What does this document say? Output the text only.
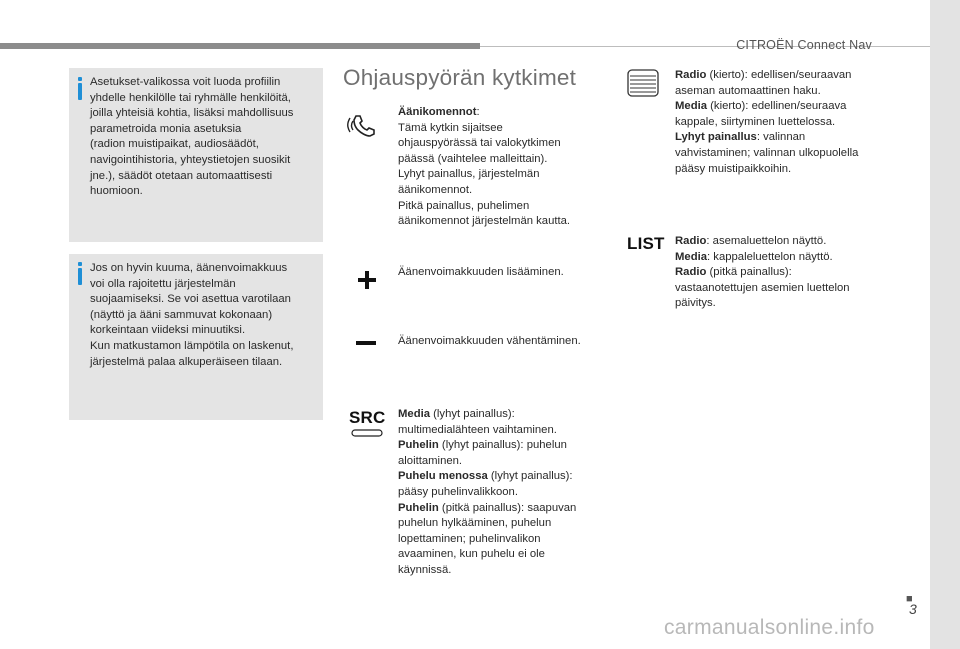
CITROËN Connect Nav

Asetukset-valikossa voit luoda profiilin
yhdelle henkilölle tai ryhmälle henkilöitä,
joilla yhteisiä kohtia, lisäksi mahdollisuus
parametroida monia asetuksia
(radion muistipaikat, audiosäädöt,
navigointihistoria, yhteystietojen suosikit
jne.), säädöt otetaan automaattisesti
huomioon.

Jos on hyvin kuuma, äänenvoimakkuus
voi olla rajoitettu järjestelmän
suojaamiseksi. Se voi asettua varotilaan
(näyttö ja ääni sammuvat kokonaan)
korkeintaan viideksi minuutiksi.
Kun matkustamon lämpötila on laskenut,
järjestelmä palaa alkuperäiseen tilaan.

Ohjauspyörän kytkimet
Äänikomennot:
Tämä kytkin sijaitsee
ohjauspyörässä tai valokytkimen
päässä (vaihtelee malleittain).
Lyhyt painallus, järjestelmän
äänikomennot.
Pitkä painallus, puhelimen
äänikomennot järjestelmän kautta.
Äänenvoimakkuuden lisääminen.
Äänenvoimakkuuden vähentäminen.
SRC Media (lyhyt painallus):
multimedialähteen vaihtaminen.
Puhelin (lyhyt painallus): puhelun
aloittaminen.
Puhelu menossa (lyhyt painallus):
pääsy puhelinvalikkoon.
Puhelin (pitkä painallus): saapuvan
puhelun hylkääminen, puhelun
lopettaminen; puhelinvalikon
avaaminen, kun puhelu ei ole
käynnissä.
Radio (kierto): edellisen/seuraavan
aseman automaattinen haku.
Media (kierto): edellinen/seuraava
kappale, siirtyminen luettelossa.
Lyhyt painallus: valinnan
vahvistaminen; valinnan ulkopuolella
pääsy muistipaikkoihin.
LIST Radio: asemaluettelon näyttö.
Media: kappaleluettelon näyttö.
Radio (pitkä painallus):
vastaanotettujen asemien luettelon
päivitys.
■
3
carmanualsonline.info
